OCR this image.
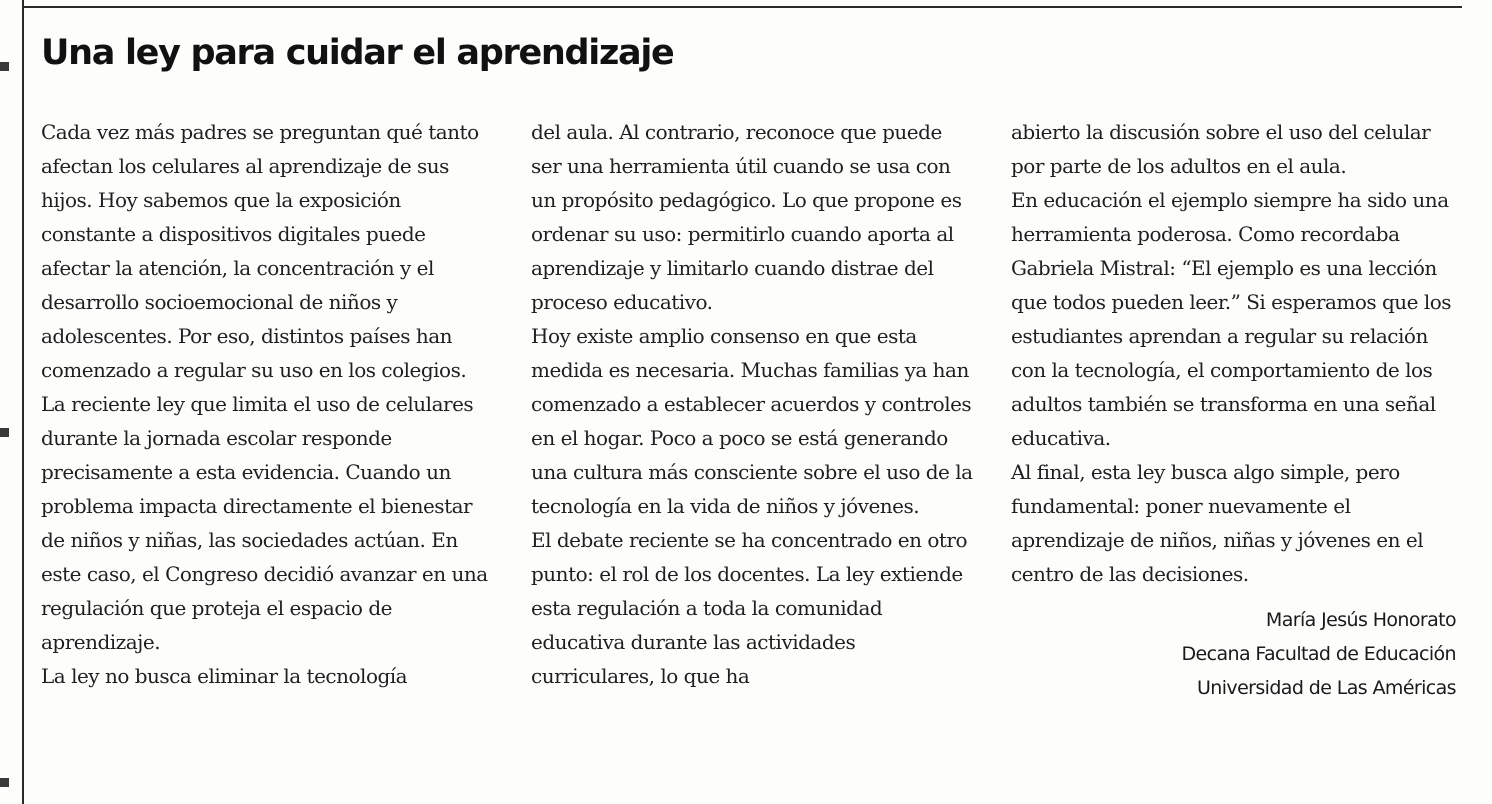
Una ley para cuidar el aprendizaje

Cada vez más padres se preguntan qué tanto afectan los celulares al aprendizaje de sus hijos. Hoy sabemos que la exposición constante a dispositivos digitales puede afectar la atención, la concentración y el desarrollo socioemocional de niños y adolescentes. Por eso, distintos países han comenzado a regular su uso en los colegios.

La reciente ley que limita el uso de celulares durante la jornada escolar responde precisamente a esta evidencia. Cuando un problema impacta directamente el bienestar de niños y niñas, las sociedades actúan. En este caso, el Congreso decidió avanzar en una regulación que proteja el espacio de aprendizaje.

La ley no busca eliminar la tecnología

del aula. Al contrario, reconoce que puede ser una herramienta útil cuando se usa con un propósito pedagógico. Lo que propone es ordenar su uso: permitirlo cuando aporta al aprendizaje y limitarlo cuando distrae del proceso educativo.

Hoy existe amplio consenso en que esta medida es necesaria. Muchas familias ya han comenzado a establecer acuerdos y controles en el hogar. Poco a poco se está generando una cultura más consciente sobre el uso de la tecnología en la vida de niños y jóvenes.

El debate reciente se ha concentrado en otro punto: el rol de los docentes. La ley extiende esta regulación a toda la comunidad educativa durante las actividades curriculares, lo que ha

abierto la discusión sobre el uso del celular por parte de los adultos en el aula.

En educación el ejemplo siempre ha sido una herramienta poderosa. Como recordaba Gabriela Mistral: “El ejemplo es una lección que todos pueden leer.” Si esperamos que los estudiantes aprendan a regular su relación con la tecnología, el comportamiento de los adultos también se transforma en una señal educativa.

Al final, esta ley busca algo simple, pero fundamental: poner nuevamente el aprendizaje de niños, niñas y jóvenes en el centro de las decisiones.

María Jesús Honorato
Decana Facultad de Educación
Universidad de Las Américas
